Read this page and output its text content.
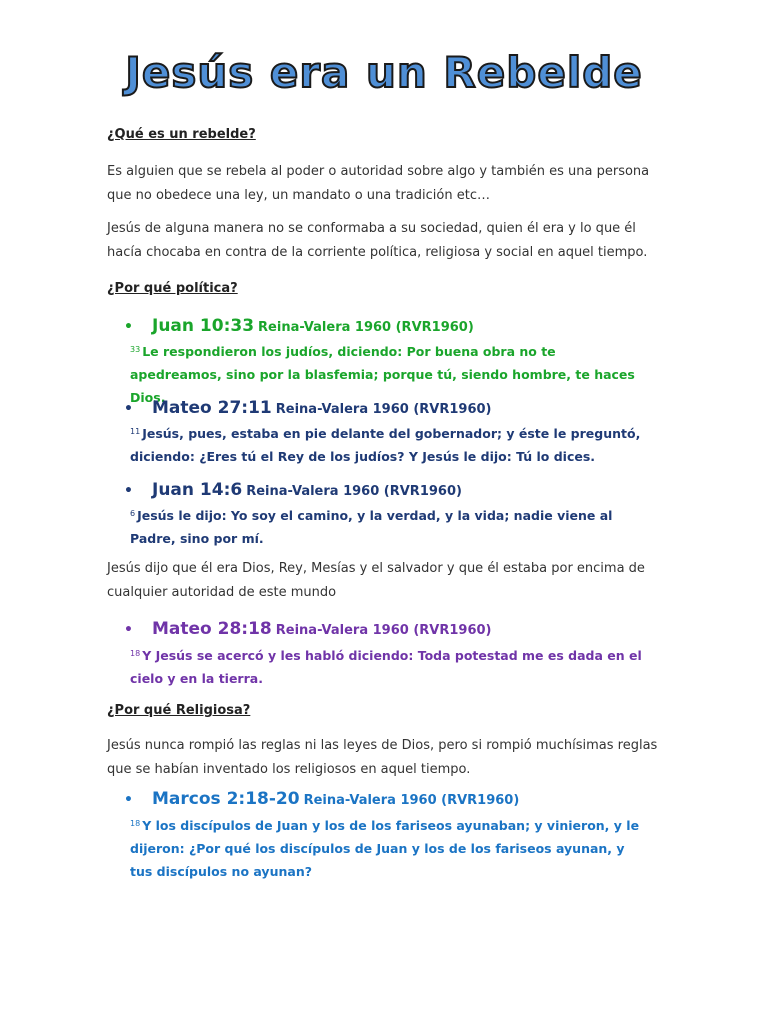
Jesús era un Rebelde
¿Qué es un rebelde?
Es alguien que se rebela al poder o autoridad sobre algo y también es una persona que no obedece una ley, un mandato o una tradición etc…
Jesús de alguna manera no se conformaba a su sociedad, quien él era y lo que él hacía chocaba en contra de la corriente política, religiosa y social en aquel tiempo.
¿Por qué política?
• Juan 10:33 Reina-Valera 1960 (RVR1960)
$^{33}$ Le respondieron los judíos, diciendo: Por buena obra no te apedreamos, sino por la blasfemia; porque tú, siendo hombre, te haces Dios.
• Mateo 27:11 Reina-Valera 1960 (RVR1960)
$^{11}$ Jesús, pues, estaba en pie delante del gobernador; y éste le preguntó, diciendo: ¿Eres tú el Rey de los judíos? Y Jesús le dijo: Tú lo dices.
• Juan 14:6 Reina-Valera 1960 (RVR1960)
$^6$ Jesús le dijo: Yo soy el camino, y la verdad, y la vida; nadie viene al Padre, sino por mí.
Jesús dijo que él era Dios, Rey, Mesías y el salvador y que él estaba por encima de cualquier autoridad de este mundo
• Mateo 28:18 Reina-Valera 1960 (RVR1960)
$^{18}$ Y Jesús se acercó y les habló diciendo: Toda potestad me es dada en el cielo y en la tierra.
¿Por qué Religiosa?
Jesús nunca rompió las reglas ni las leyes de Dios, pero si rompió muchísimas reglas que se habían inventado los religiosos en aquel tiempo.
• Marcos 2:18-20 Reina-Valera 1960 (RVR1960)
$^{18}$ Y los discípulos de Juan y los de los fariseos ayunaban; y vinieron, y le dijeron: ¿Por qué los discípulos de Juan y los de los fariseos ayunan, y tus discípulos no ayunan?
